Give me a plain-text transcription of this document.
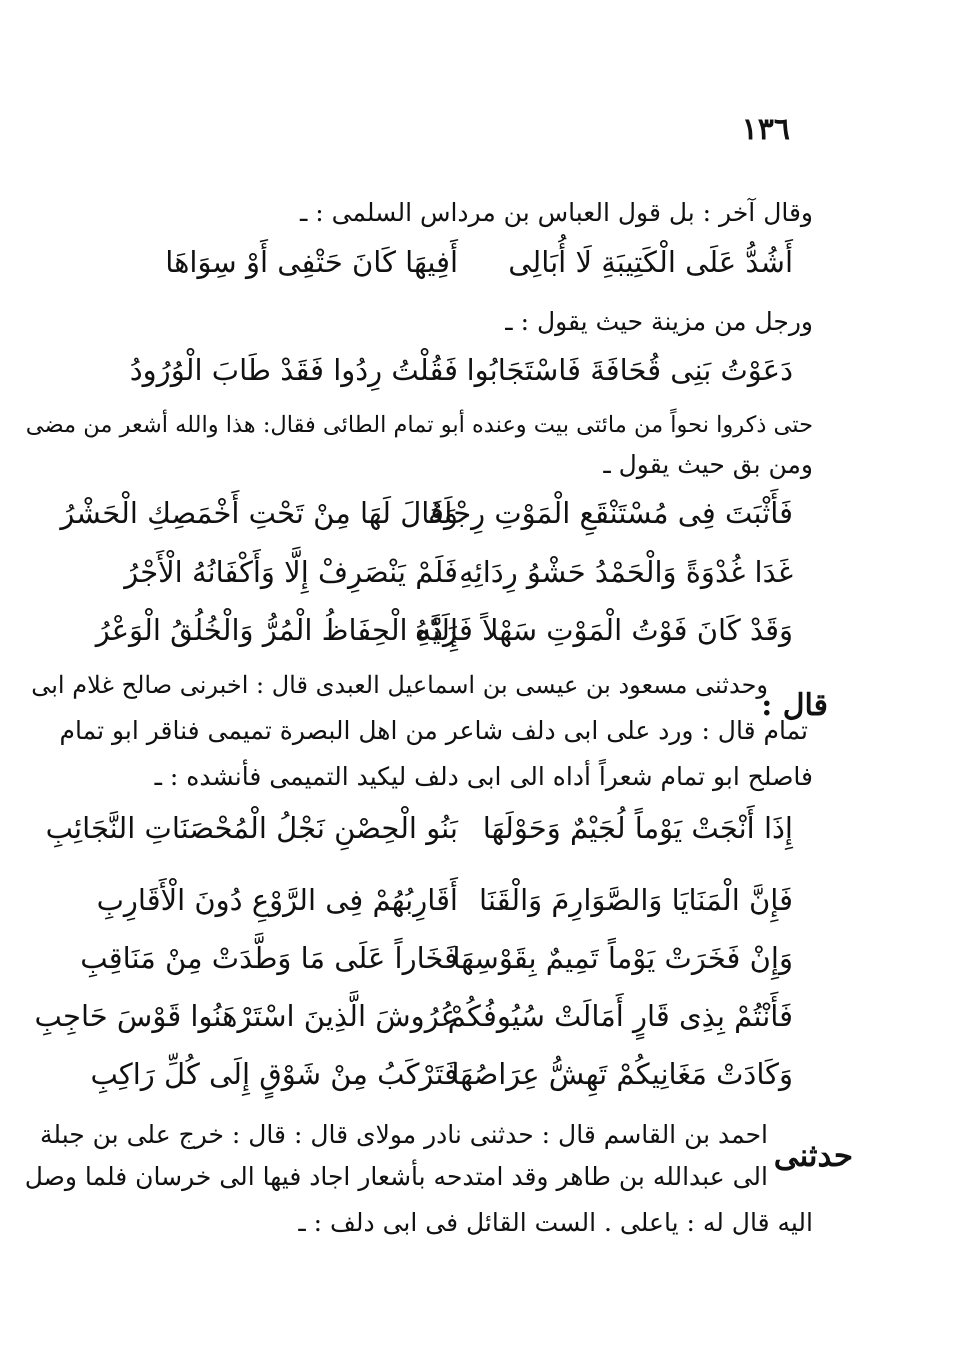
١٣٦
وقال آخر : بل قول العباس بن مرداس السلمى : ـ
أَشُدُّ عَلَى الْكَتِيبَةِ لَا أُبَالِى
أَفِيهَا كَانَ حَتْفِى أَوْ سِوَاهَا
ورجل من مزينة حيث يقول : ـ
دَعَوْتُ بَنِى قُحَافَةَ فَاسْتَجَابُوا
فَقُلْتُ رِدُوا فَقَدْ طَابَ الْوُرُودُ
حتى ذكروا نحواً من مائتى بيت وعنده أبو تمام الطائى فقال: هذا والله أشعر من مضى
ومن بق حيث يقول ـ
فَأَثْبَتَ فِى مُسْتَنْقَعِ الْمَوْتِ رِجْلَهُ
وَقَالَ لَهَا مِنْ تَحْتِ أَخْمَصِكِ الْحَشْرُ
غَدَا غُدْوَةً وَالْحَمْدُ حَشْوُ رِدَائِهِ
فَلَمْ يَنْصَرِفْ إِلَّا وَأَكْفَانُهُ الْأَجْرُ
وَقَدْ كَانَ فَوْتُ الْمَوْتِ سَهْلاً فَرَدَّهُ
إِلَيْهِ الْحِفَاظُ الْمُرُّ وَالْخُلُقُ الْوَعْرُ
قال :
وحدثنى مسعود بن عيسى بن اسماعيل العبدى قال : اخبرنى صالح غلام ابى
تمام قال : ورد على ابى دلف شاعر من اهل البصرة تميمى فناقر ابو تمام
فاصلح ابو تمام شعراً أداه الى ابى دلف ليكيد التميمى فأنشده : ـ
إِذَا أَنْجَتْ يَوْماً لُجَيْمٌ وَحَوْلَهَا
بَنُو الْحِصْنِ نَجْلُ الْمُحْصَنَاتِ النَّجَائِبِ
فَإِنَّ الْمَنَايَا وَالصَّوَارِمَ وَالْقَنَا
أَقَارِبُهُمْ فِى الرَّوْعِ دُونَ الْأَقَارِبِ
وَإِنْ فَخَرَتْ يَوْماً تَمِيمٌ بِقَوْسِهَا
فَخَاراً عَلَى مَا وَطَّدَتْ مِنْ مَنَاقِبِ
فَأَنْتُمْ بِذِى قَارٍ أَمَالَتْ سُيُوفُكُمْ
عُرُوشَ الَّذِينَ اسْتَرْهَنُوا قَوْسَ حَاجِبِ
وَكَادَتْ مَغَانِيكُمْ تَهِشُّ عِرَاصُهَا
فَتَرْكَبُ مِنْ شَوْقٍ إِلَى كُلِّ رَاكِبِ
حدثنى
احمد بن القاسم قال : حدثنى نادر مولاى قال : قال : خرج على بن جبلة
الى عبدالله بن طاهر وقد امتدحه بأشعار اجاد فيها الى خرسان فلما وصل
اليه قال له : ياعلى . الست القائل فى ابى دلف : ـ
